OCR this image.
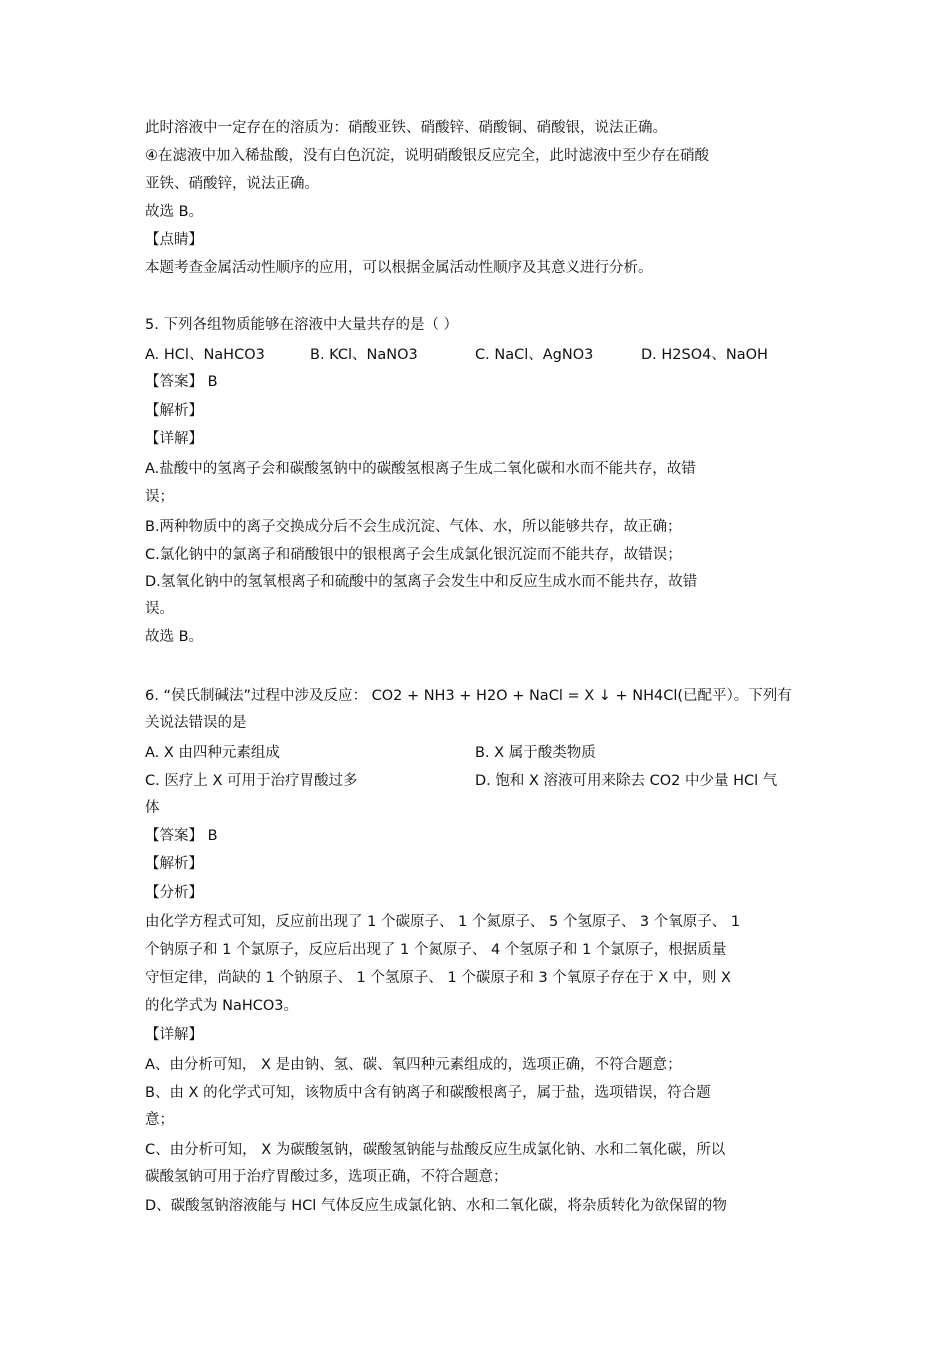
此时溶液中一定存在的溶质为：硝酸亚铁、硝酸锌、硝酸铜、硝酸银，说法正确。
④在滤液中加入稀盐酸，没有白色沉淀，说明硝酸银反应完全，此时滤液中至少存在硝酸
亚铁、硝酸锌，说法正确。
故选 B。
【点睛】
本题考查金属活动性顺序的应用，可以根据金属活动性顺序及其意义进行分析。
5. 下列各组物质能够在溶液中大量共存的是（ ）
A. HCl、NaHCO3	B. KCl、NaNO3	C. NaCl、AgNO3	D. H2SO4、NaOH
【答案】 B
【解析】
【详解】
A.盐酸中的氢离子会和碳酸氢钠中的碳酸氢根离子生成二氧化碳和水而不能共存，故错
误；
B.两种物质中的离子交换成分后不会生成沉淀、气体、水，所以能够共存，故正确；
C.氯化钠中的氯离子和硝酸银中的银根离子会生成氯化银沉淀而不能共存，故错误；
D.氢氧化钠中的氢氧根离子和硫酸中的氢离子会发生中和反应生成水而不能共存，故错
误。
故选 B。
6. “侯氏制碱法”过程中涉及反应： CO2 + NH3 + H2O + NaCl = X ↓ + NH4Cl(已配平）。下列有
关说法错误的是
A. X 由四种元素组成	B. X 属于酸类物质
C. 医疗上 X 可用于治疗胃酸过多	D. 饱和 X 溶液可用来除去 CO2 中少量 HCl 气
体
【答案】 B
【解析】
【分析】
由化学方程式可知，反应前出现了 1 个碳原子、 1 个氮原子、 5 个氢原子、 3 个氧原子、 1
个钠原子和 1 个氯原子，反应后出现了 1 个氮原子、 4 个氢原子和 1 个氯原子，根据质量
守恒定律，尚缺的 1 个钠原子、 1 个氢原子、 1 个碳原子和 3 个氧原子存在于 X 中，则 X
的化学式为 NaHCO3。
【详解】
A、由分析可知， X 是由钠、氢、碳、氧四种元素组成的，选项正确，不符合题意；
B、由 X 的化学式可知，该物质中含有钠离子和碳酸根离子，属于盐，选项错误，符合题
意；
C、由分析可知， X 为碳酸氢钠，碳酸氢钠能与盐酸反应生成氯化钠、水和二氧化碳，所以
碳酸氢钠可用于治疗胃酸过多，选项正确，不符合题意；
D、碳酸氢钠溶液能与 HCl 气体反应生成氯化钠、水和二氧化碳，将杂质转化为欲保留的物
